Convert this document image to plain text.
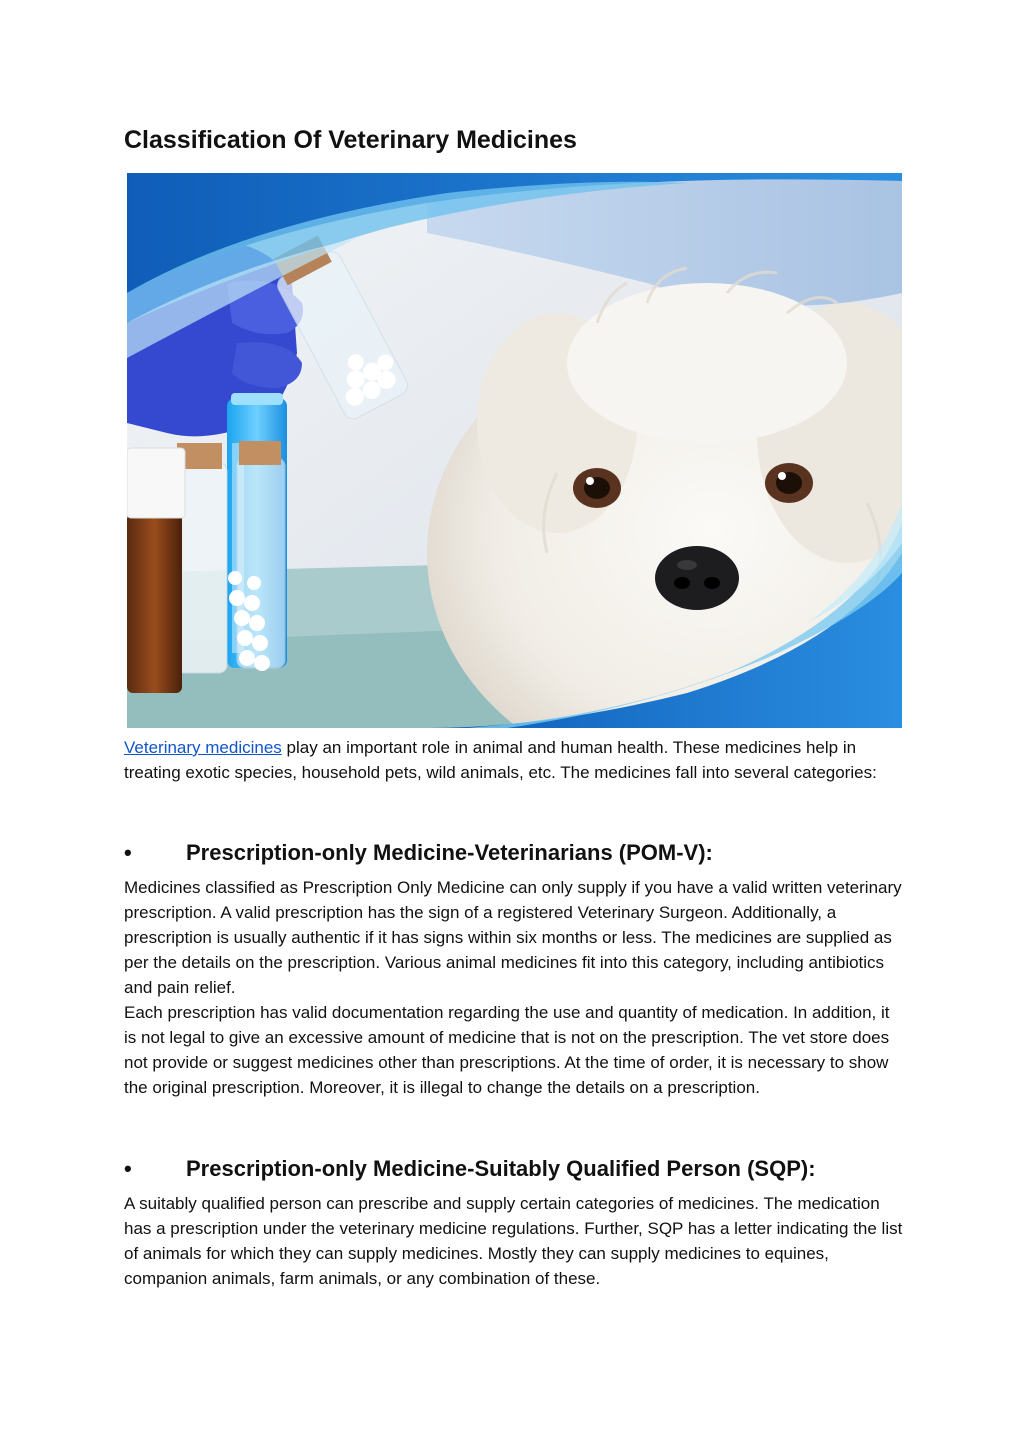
Classification Of Veterinary Medicines

Veterinary medicines play an important role in animal and human health. These medicines help in treating exotic species, household pets, wild animals, etc. The medicines fall into several categories:

• Prescription-only Medicine-Veterinarians (POM-V):

Medicines classified as Prescription Only Medicine can only supply if you have a valid written veterinary prescription. A valid prescription has the sign of a registered Veterinary Surgeon. Additionally, a prescription is usually authentic if it has signs within six months or less. The medicines are supplied as per the details on the prescription. Various animal medicines fit into this category, including antibiotics and pain relief.

Each prescription has valid documentation regarding the use and quantity of medication. In addition, it is not legal to give an excessive amount of medicine that is not on the prescription. The vet store does not provide or suggest medicines other than prescriptions. At the time of order, it is necessary to show the original prescription. Moreover, it is illegal to change the details on a prescription.

• Prescription-only Medicine-Suitably Qualified Person (SQP):

A suitably qualified person can prescribe and supply certain categories of medicines. The medication has a prescription under the veterinary medicine regulations. Further, SQP has a letter indicating the list of animals for which they can supply medicines. Mostly they can supply medicines to equines, companion animals, farm animals, or any combination of these.
